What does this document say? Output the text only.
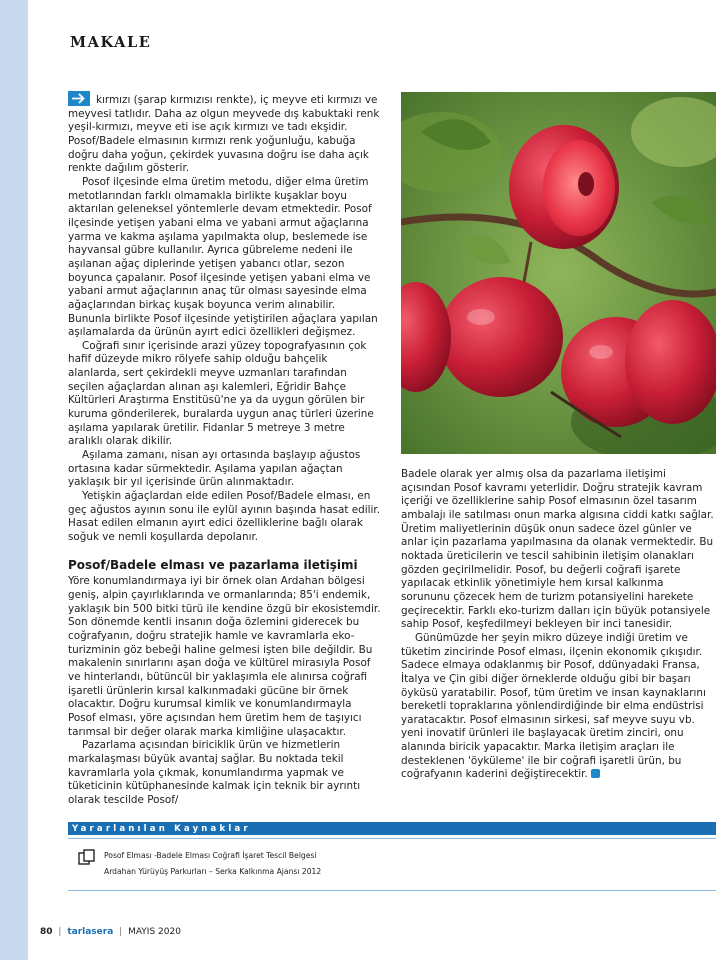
MAKALE

kırmızı (şarap kırmızısı renkte), iç meyve eti kırmızı ve meyvesi tatlıdır. Daha az olgun meyvede dış kabuktaki renk yeşil-kırmızı, meyve eti ise açık kırmızı ve tadı ekşidir. Posof/Badele elmasının kırmızı renk yoğunluğu, kabuğa doğru daha yoğun, çekirdek yuvasına doğru ise daha açık renkte dağılım gösterir.

Posof ilçesinde elma üretim metodu, diğer elma üretim metotlarından farklı olmamakla birlikte kuşaklar boyu aktarılan geleneksel yöntemlerle devam etmektedir. Posof ilçesinde yetişen yabani elma ve yabani armut ağaçlarına yarma ve kakma aşılama yapılmakta olup, beslemede ise hayvansal gübre kullanılır. Ayrıca gübreleme nedeni ile aşılanan ağaç diplerinde yetişen yabancı otlar, sezon boyunca çapalanır. Posof ilçesinde yetişen yabani elma ve yabani armut ağaçlarının anaç tür olması sayesinde elma ağaçlarından birkaç kuşak boyunca verim alınabilir. Bununla birlikte Posof ilçesinde yetiştirilen ağaçlara yapılan aşılamalarda da ürünün ayırt edici özellikleri değişmez.

Coğrafi sınır içerisinde arazi yüzey topografyasının çok hafif düzeyde mikro rölyefe sahip olduğu bahçelik alanlarda, sert çekirdekli meyve uzmanları tarafından seçilen ağaçlardan alınan aşı kalemleri, Eğridir Bahçe Kültürleri Araştırma Enstitüsü'ne ya da uygun görülen bir kuruma gönderilerek, buralarda uygun anaç türleri üzerine aşılama yapılarak üretilir. Fidanlar 5 metreye 3 metre aralıklı olarak dikilir.

Aşılama zamanı, nisan ayı ortasında başlayıp ağustos ortasına kadar sürmektedir. Aşılama yapılan ağaçtan yaklaşık bir yıl içerisinde ürün alınmaktadır.

Yetişkin ağaçlardan elde edilen Posof/Badele elması, en geç ağustos ayının sonu ile eylül ayının başında hasat edilir. Hasat edilen elmanın ayırt edici özelliklerine bağlı olarak soğuk ve nemli koşullarda depolanır.

Posof/Badele elması ve pazarlama iletişimi

Yöre konumlandırmaya iyi bir örnek olan Ardahan bölgesi geniş, alpin çayırlıklarında ve ormanlarında; 85'i endemik, yaklaşık bin 500 bitki türü ile kendine özgü bir ekosistemdir. Son dönemde kentli insanın doğa özlemini giderecek bu coğrafyanın, doğru stratejik hamle ve kavramlarla eko-turizminin göz bebeği haline gelmesi işten bile değildir. Bu makalenin sınırlarını aşan doğa ve kültürel mirasıyla Posof ve hinterlandı, bütüncül bir yaklaşımla ele alınırsa coğrafi işaretli ürünlerin kırsal kalkınmadaki gücüne bir örnek olacaktır. Doğru kurumsal kimlik ve konumlandırmayla Posof elması, yöre açısından hem üretim hem de taşıyıcı tarımsal bir değer olarak marka kimliğine ulaşacaktır.

Pazarlama açısından biriciklik ürün ve hizmetlerin markalaşması büyük avantaj sağlar. Bu noktada tekil kavramlarla yola çıkmak, konumlandırma yapmak ve tüketicinin kütüphanesinde kalmak için teknik bir ayrıntı olarak tescilde Posof/

Badele olarak yer almış olsa da pazarlama iletişimi açısından Posof kavramı yeterlidir. Doğru stratejik kavram içeriği ve özelliklerine sahip Posof elmasının özel tasarım ambalajı ile satılması onun marka algısına ciddi katkı sağlar. Üretim maliyetlerinin düşük onun sadece özel günler ve anlar için pazarlama yapılmasına da olanak vermektedir. Bu noktada üreticilerin ve tescil sahibinin iletişim olanakları gözden geçirilmelidir. Posof, bu değerli coğrafi işarete yapılacak etkinlik yönetimiyle hem kırsal kalkınma sorununu çözecek hem de turizm potansiyelini harekete geçirecektir. Farklı eko-turizm dalları için büyük potansiyele sahip Posof, keşfedilmeyi bekleyen bir inci tanesidir.

Günümüzde her şeyin mikro düzeye indiği üretim ve tüketim zincirinde Posof elması, ilçenin ekonomik çıkışıdır. Sadece elmaya odaklanmış bir Posof, ddünyadaki Fransa, İtalya ve Çin gibi diğer örneklerde olduğu gibi bir başarı öyküsü yaratabilir. Posof, tüm üretim ve insan kaynaklarını bereketli topraklarına yönlendirdiğinde bir elma endüstrisi yaratacaktır. Posof elmasının sirkesi, saf meyve suyu vb. yeni inovatif ürünleri ile başlayacak üretim zinciri, onu alanında biricik yapacaktır. Marka iletişim araçları ile desteklenen 'öyküleme' ile bir coğrafi işaretli ürün, bu coğrafyanın kaderini değiştirecektir.

Yararlanılan Kaynaklar
Posof Elması -Badele Elması Coğrafi İşaret Tescil Belgesi
Ardahan Yürüyüş Parkurları – Serka Kalkınma Ajansı 2012
80 | tarlasera | MAYIS 2020
